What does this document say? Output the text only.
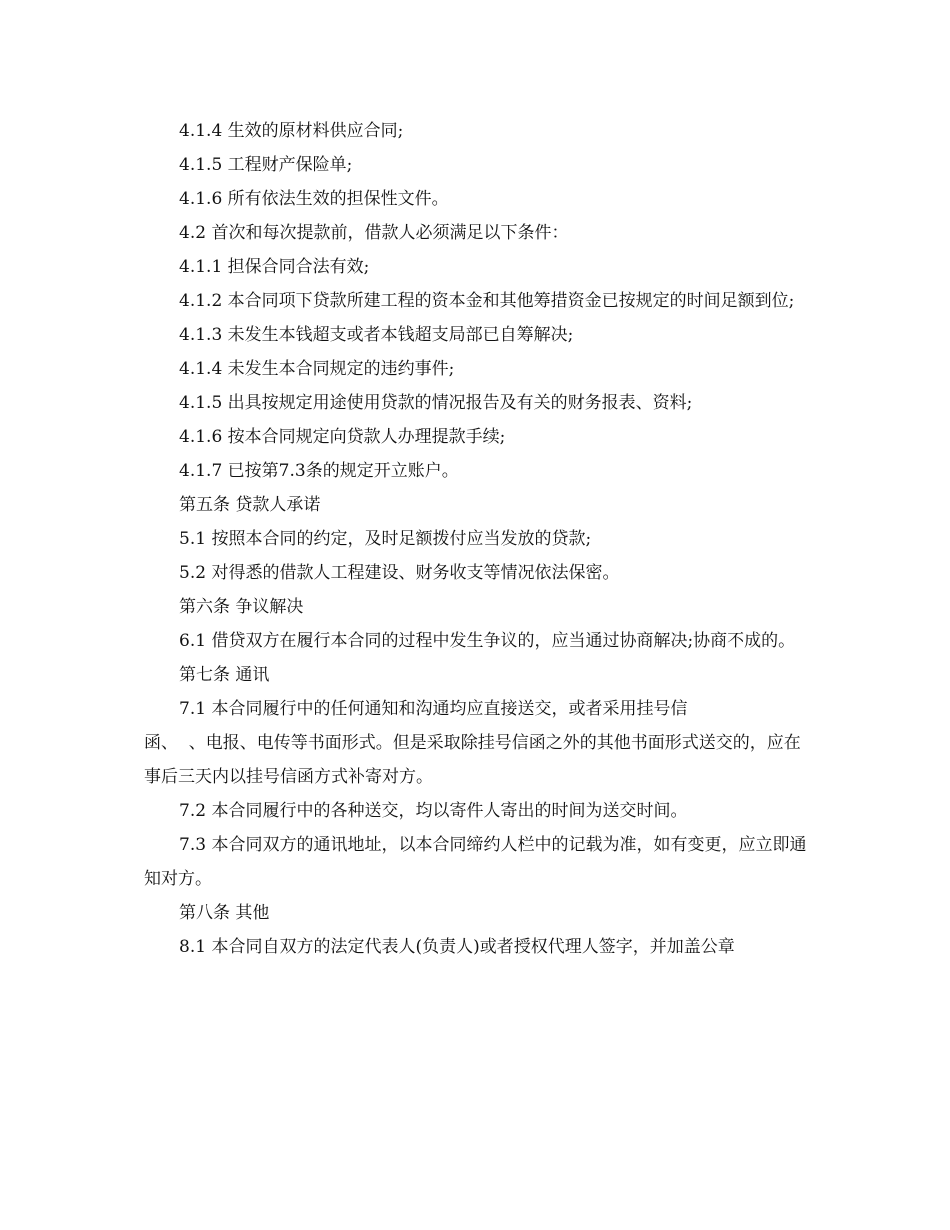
4.1.4 生效的原材料供应合同;

4.1.5 工程财产保险单;

4.1.6 所有依法生效的担保性文件。

4.2 首次和每次提款前，借款人必须满足以下条件：

4.1.1 担保合同合法有效;

4.1.2 本合同项下贷款所建工程的资本金和其他筹措资金已按规定的时间足额到位;

4.1.3 未发生本钱超支或者本钱超支局部已自筹解决;

4.1.4 未发生本合同规定的违约事件;

4.1.5 出具按规定用途使用贷款的情况报告及有关的财务报表、资料;

4.1.6 按本合同规定向贷款人办理提款手续;

4.1.7 已按第7.3条的规定开立账户。

第五条 贷款人承诺

5.1 按照本合同的约定，及时足额拨付应当发放的贷款;

5.2 对得悉的借款人工程建设、财务收支等情况依法保密。

第六条 争议解决

6.1 借贷双方在履行本合同的过程中发生争议的，应当通过协商解决;协商不成的。

第七条 通讯

7.1 本合同履行中的任何通知和沟通均应直接送交，或者采用挂号信

函、  、电报、电传等书面形式。但是采取除挂号信函之外的其他书面形式送交的，应在事后三天内以挂号信函方式补寄对方。

7.2 本合同履行中的各种送交，均以寄件人寄出的时间为送交时间。

7.3 本合同双方的通讯地址，以本合同缔约人栏中的记载为准，如有变更，应立即通知对方。

第八条 其他

8.1 本合同自双方的法定代表人(负责人)或者授权代理人签字，并加盖公章
